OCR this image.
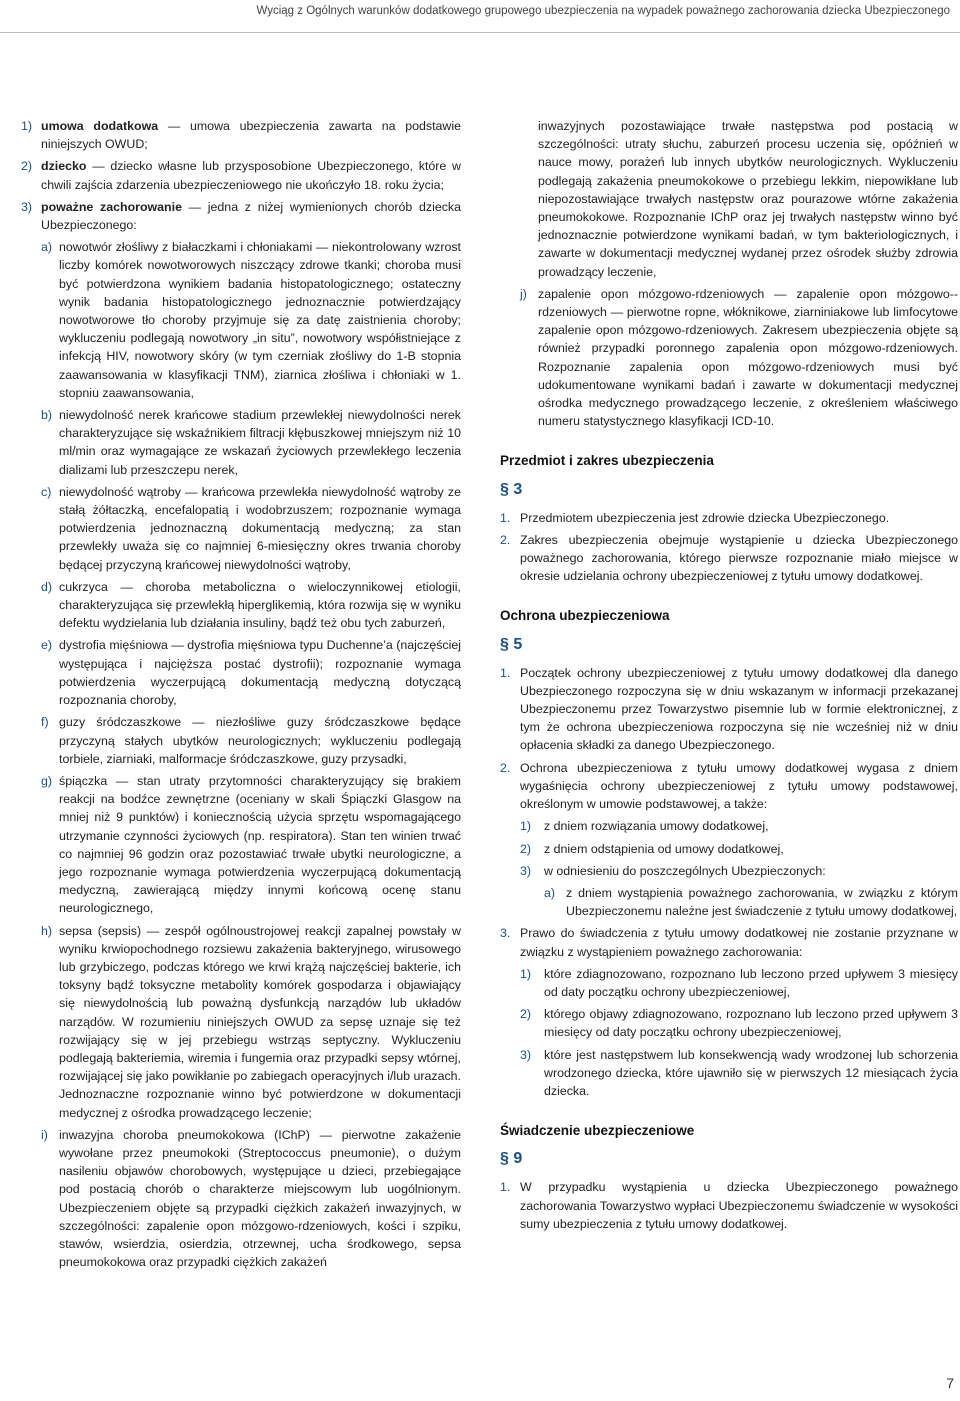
Wyciąg z Ogólnych warunków dodatkowego grupowego ubezpieczenia na wypadek poważnego zachorowania dziecka Ubezpieczonego
1) umowa dodatkowa — umowa ubezpieczenia zawarta na podstawie niniejszych OWUD;
2) dziecko — dziecko własne lub przysposobione Ubezpieczonego, które w chwili zajścia zdarzenia ubezpieczeniowego nie ukończyło 18. roku życia;
3) poważne zachorowanie — jedna z niżej wymienionych chorób dziecka Ubezpieczonego:
a) nowotwór złośliwy z białaczkami i chłoniakami — niekontrolowany wzrost liczby komórek nowotworowych niszczący zdrowe tkanki; choroba musi być potwierdzona wynikiem badania histopatologicznego; ostateczny wynik badania histopatologicznego jednoznacznie potwierdzający nowotworowe tło choroby przyjmuje się za datę zaistnienia choroby; wykluczeniu podlegają nowotwory „in situ”, nowotwory współistniejące z infekcją HIV, nowotwory skóry (w tym czerniak złośliwy do 1-B stopnia zaawansowania w klasyfikacji TNM), ziarnica złośliwa i chłoniaki w 1. stopniu zaawansowania,
b) niewydolność nerek krańcowe stadium przewlekłej niewydolności nerek charakteryzujące się wskaźnikiem filtracji kłębuszkowej mniejszym niż 10 ml/min oraz wymagające ze wskazań życiowych przewlekłego leczenia dializami lub przeszczepu nerek,
c) niewydolność wątroby — krańcowa przewlekła niewydolność wątroby ze stałą żółtaczką, encefalopatią i wodobrzuszem; rozpoznanie wymaga potwierdzenia jednoznaczną dokumentacją medyczną; za stan przewlekły uważa się co najmniej 6-miesięczny okres trwania choroby będącej przyczyną krańcowej niewydolności wątroby,
d) cukrzyca — choroba metaboliczna o wieloczynnikowej etiologii, charakteryzująca się przewlekłą hiperglikemią, która rozwija się w wyniku defektu wydzielania lub działania insuliny, bądź też obu tych zaburzeń,
e) dystrofia mięśniowa — dystrofia mięśniowa typu Duchenne’a (najczęściej występująca i najcięższa postać dystrofii); rozpoznanie wymaga potwierdzenia wyczerpującą dokumentacją medyczną dotyczącą rozpoznania choroby,
f) guzy śródczaszkowe — niezłośliwe guzy śródczaszkowe będące przyczyną stałych ubytków neurologicznych; wykluczeniu podlegają torbiele, ziarniaki, malformacje śródczaszkowe, guzy przysadki,
g) śpiączka — stan utraty przytomności charakteryzujący się brakiem reakcji na bodźce zewnętrzne (oceniany w skali Śpiączki Glasgow na mniej niż 9 punktów) i koniecznością użycia sprzętu wspomagającego utrzymanie czynności życiowych (np. respiratora). Stan ten winien trwać co najmniej 96 godzin oraz pozostawiać trwałe ubytki neurologiczne, a jego rozpoznanie wymaga potwierdzenia wyczerpującą dokumentacją medyczną, zawierającą między innymi końcową ocenę stanu neurologicznego,
h) sepsa (sepsis) — zespół ogólnoustrojowej reakcji zapalnej powstały w wyniku krwiopochodnego rozsiewu zakażenia bakteryjnego, wirusowego lub grzybiczego, podczas którego we krwi krążą najczęściej bakterie, ich toksyny bądź toksyczne metabolity komórek gospodarza i objawiający się niewydolnością lub poważną dysfunkcją narządów lub układów narządów. W rozumieniu niniejszych OWUD za sepsę uznaje się też rozwijający się w jej przebiegu wstrząs septyczny. Wykluczeniu podlegają bakteriemia, wiremia i fungemia oraz przypadki sepsy wtórnej, rozwijającej się jako powikłanie po zabiegach operacyjnych i/lub urazach. Jednoznaczne rozpoznanie winno być potwierdzone w dokumentacji medycznej z ośrodka prowadzącego leczenie;
i) inwazyjna choroba pneumokokowa (IChP) — pierwotne zakażenie wywołane przez pneumokoki (Streptococcus pneumonie), o dużym nasileniu objawów chorobowych, występujące u dzieci, przebiegające pod postacią chorób o charakterze miejscowym lub uogólnionym. Ubezpieczeniem objęte są przypadki ciężkich zakażeń inwazyjnych, w szczególności: zapalenie opon mózgowo-rdzeniowych, kości i szpiku, stawów, wsierdzia, osierdzia, otrzewnej, ucha środkowego, sepsa pneumokokowa oraz przypadki ciężkich zakażeń
inwazyjnych pozostawiające trwałe następstwa pod postacią w szczególności: utraty słuchu, zaburzeń procesu uczenia się, opóźnień w nauce mowy, porażeń lub innych ubytków neurologicznych. Wykluczeniu podlegają zakażenia pneumokokowe o przebiegu lekkim, niepowikłane lub niepozostawiające trwałych następstw oraz pourazowe wtórne zakażenia pneumokokowe. Rozpoznanie IChP oraz jej trwałych następstw winno być jednoznacznie potwierdzone wynikami badań, w tym bakteriologicznych, i zawarte w dokumentacji medycznej wydanej przez ośrodek służby zdrowia prowadzący leczenie,
j) zapalenie opon mózgowo-rdzeniowych — zapalenie opon mózgowo--rdzeniowych — pierwotne ropne, włóknikowe, ziarniniakowe lub limfocytowe zapalenie opon mózgowo-rdzeniowych. Zakresem ubezpieczenia objęte są również przypadki poronnego zapalenia opon mózgowo-rdzeniowych. Rozpoznanie zapalenia opon mózgowo-rdzeniowych musi być udokumentowane wynikami badań i zawarte w dokumentacji medycznej ośrodka medycznego prowadzącego leczenie, z określeniem właściwego numeru statystycznego klasyfikacji ICD-10.
Przedmiot i zakres ubezpieczenia
§ 3
1. Przedmiotem ubezpieczenia jest zdrowie dziecka Ubezpieczonego.
2. Zakres ubezpieczenia obejmuje wystąpienie u dziecka Ubezpieczonego poważnego zachorowania, którego pierwsze rozpoznanie miało miejsce w okresie udzielania ochrony ubezpieczeniowej z tytułu umowy dodatkowej.
Ochrona ubezpieczeniowa
§ 5
1. Początek ochrony ubezpieczeniowej z tytułu umowy dodatkowej dla danego Ubezpieczonego rozpoczyna się w dniu wskazanym w informacji przekazanej Ubezpieczonemu przez Towarzystwo pisemnie lub w formie elektronicznej, z tym że ochrona ubezpieczeniowa rozpoczyna się nie wcześniej niż w dniu opłacenia składki za danego Ubezpieczonego.
2. Ochrona ubezpieczeniowa z tytułu umowy dodatkowej wygasa z dniem wygaśnięcia ochrony ubezpieczeniowej z tytułu umowy podstawowej, określonym w umowie podstawowej, a także:
1) z dniem rozwiązania umowy dodatkowej,
2) z dniem odstąpienia od umowy dodatkowej,
3) w odniesieniu do poszczególnych Ubezpieczonych:
a) z dniem wystąpienia poważnego zachorowania, w związku z którym Ubezpieczonemu należne jest świadczenie z tytułu umowy dodatkowej,
3. Prawo do świadczenia z tytułu umowy dodatkowej nie zostanie przyznane w związku z wystąpieniem poważnego zachorowania:
1) które zdiagnozowano, rozpoznano lub leczono przed upływem 3 miesięcy od daty początku ochrony ubezpieczeniowej,
2) którego objawy zdiagnozowano, rozpoznano lub leczono przed upływem 3 miesięcy od daty początku ochrony ubezpieczeniowej,
3) które jest następstwem lub konsekwencją wady wrodzonej lub schorzenia wrodzonego dziecka, które ujawniło się w pierwszych 12 miesiącach życia dziecka.
Świadczenie ubezpieczeniowe
§ 9
1. W przypadku wystąpienia u dziecka Ubezpieczonego poważnego zachorowania Towarzystwo wypłaci Ubezpieczonemu świadczenie w wysokości sumy ubezpieczenia z tytułu umowy dodatkowej.
7
